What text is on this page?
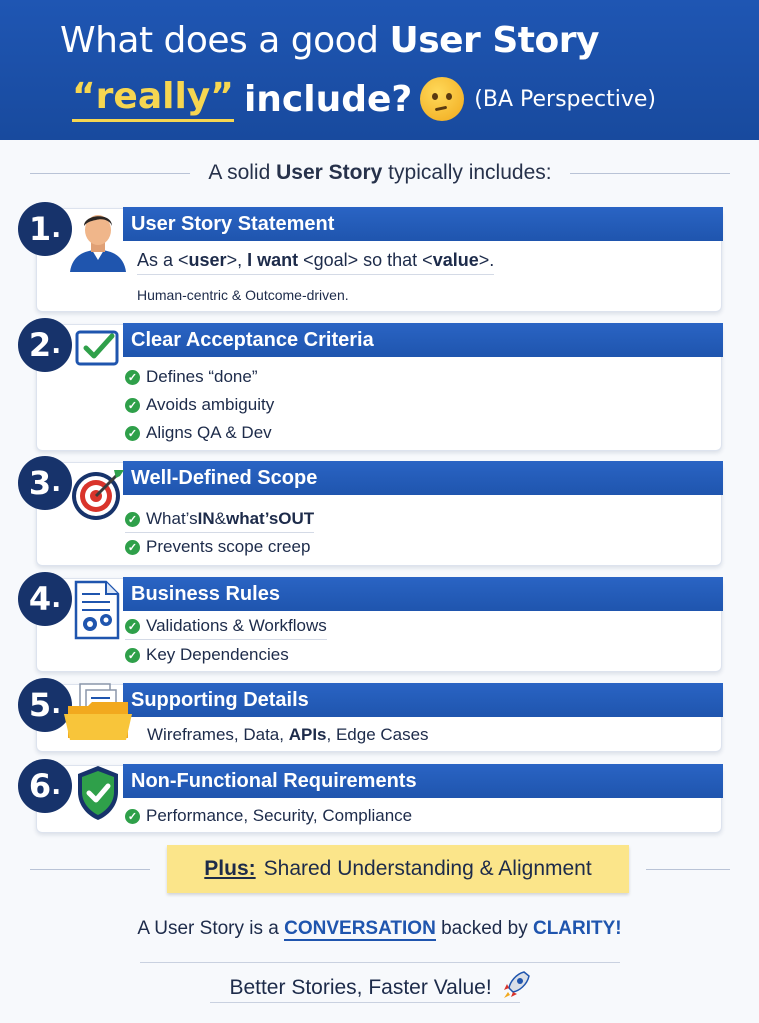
What does a good User Story
“really” include?	(BA Perspective)
A solid User Story typically includes:
User Story Statement
As a <user>, I want <goal> so that <value>.
Human-centric & Outcome-driven.
1 .
Clear Acceptance Criteria
✓ Defines “done”
✓ Avoids ambiguity
✓ Aligns QA & Dev
2 .
Well-Defined Scope
✓ What’s IN & what’s OUT
✓ Prevents scope creep
3 .
Business Rules
✓ Validations & Workflows
✓ Key Dependencies
4 .
Supporting Details
Wireframes, Data, APIs, Edge Cases
5 .
Non-Functional Requirements
✓ Performance, Security, Compliance
6 .
Plus: Shared Understanding & Alignment
A User Story is a CONVERSATION backed by CLARITY!
Better Stories, Faster Value!
